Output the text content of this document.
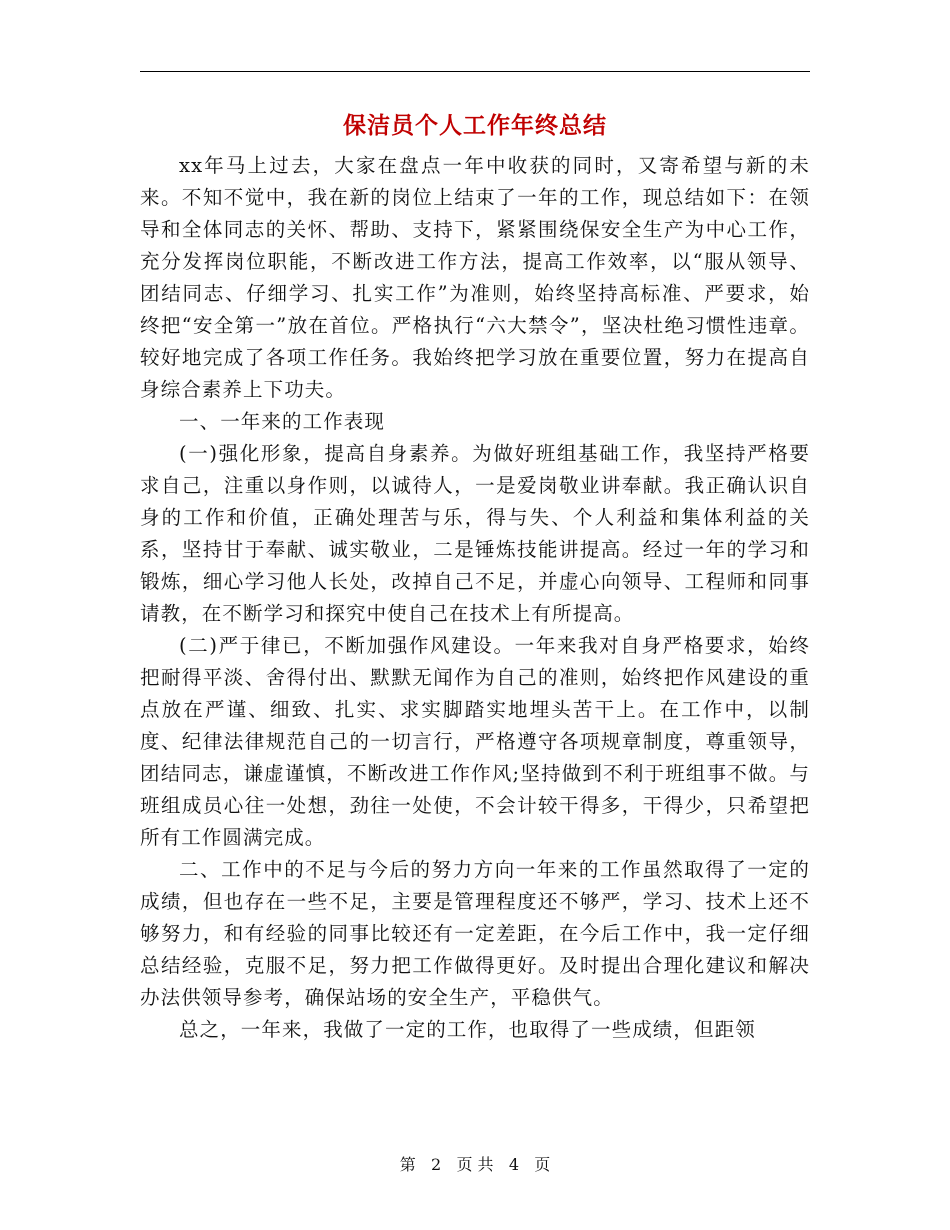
保洁员个人工作年终总结

xx年马上过去，大家在盘点一年中收获的同时，又寄希望与新的未来。不知不觉中，我在新的岗位上结束了一年的工作，现总结如下：在领导和全体同志的关怀、帮助、支持下，紧紧围绕保安全生产为中心工作，充分发挥岗位职能，不断改进工作方法，提高工作效率，以“服从领导、团结同志、仔细学习、扎实工作”为准则，始终坚持高标准、严要求，始终把“安全第一”放在首位。严格执行“六大禁令”，坚决杜绝习惯性违章。较好地完成了各项工作任务。我始终把学习放在重要位置，努力在提高自身综合素养上下功夫。

一、一年来的工作表现

(一)强化形象，提高自身素养。为做好班组基础工作，我坚持严格要求自己，注重以身作则，以诚待人，一是爱岗敬业讲奉献。我正确认识自身的工作和价值，正确处理苦与乐，得与失、个人利益和集体利益的关系，坚持甘于奉献、诚实敬业，二是锤炼技能讲提高。经过一年的学习和锻炼，细心学习他人长处，改掉自己不足，并虚心向领导、工程师和同事请教，在不断学习和探究中使自己在技术上有所提高。

(二)严于律已，不断加强作风建设。一年来我对自身严格要求，始终把耐得平淡、舍得付出、默默无闻作为自己的准则，始终把作风建设的重点放在严谨、细致、扎实、求实脚踏实地埋头苦干上。在工作中，以制度、纪律法律规范自己的一切言行，严格遵守各项规章制度，尊重领导，团结同志，谦虚谨慎，不断改进工作作风;坚持做到不利于班组事不做。与班组成员心往一处想，劲往一处使，不会计较干得多，干得少，只希望把所有工作圆满完成。

二、工作中的不足与今后的努力方向一年来的工作虽然取得了一定的成绩，但也存在一些不足，主要是管理程度还不够严，学习、技术上还不够努力，和有经验的同事比较还有一定差距，在今后工作中，我一定仔细总结经验，克服不足，努力把工作做得更好。及时提出合理化建议和解决办法供领导参考，确保站场的安全生产，平稳供气。

总之，一年来，我做了一定的工作，也取得了一些成绩，但距领

第 2 页 共 4 页
